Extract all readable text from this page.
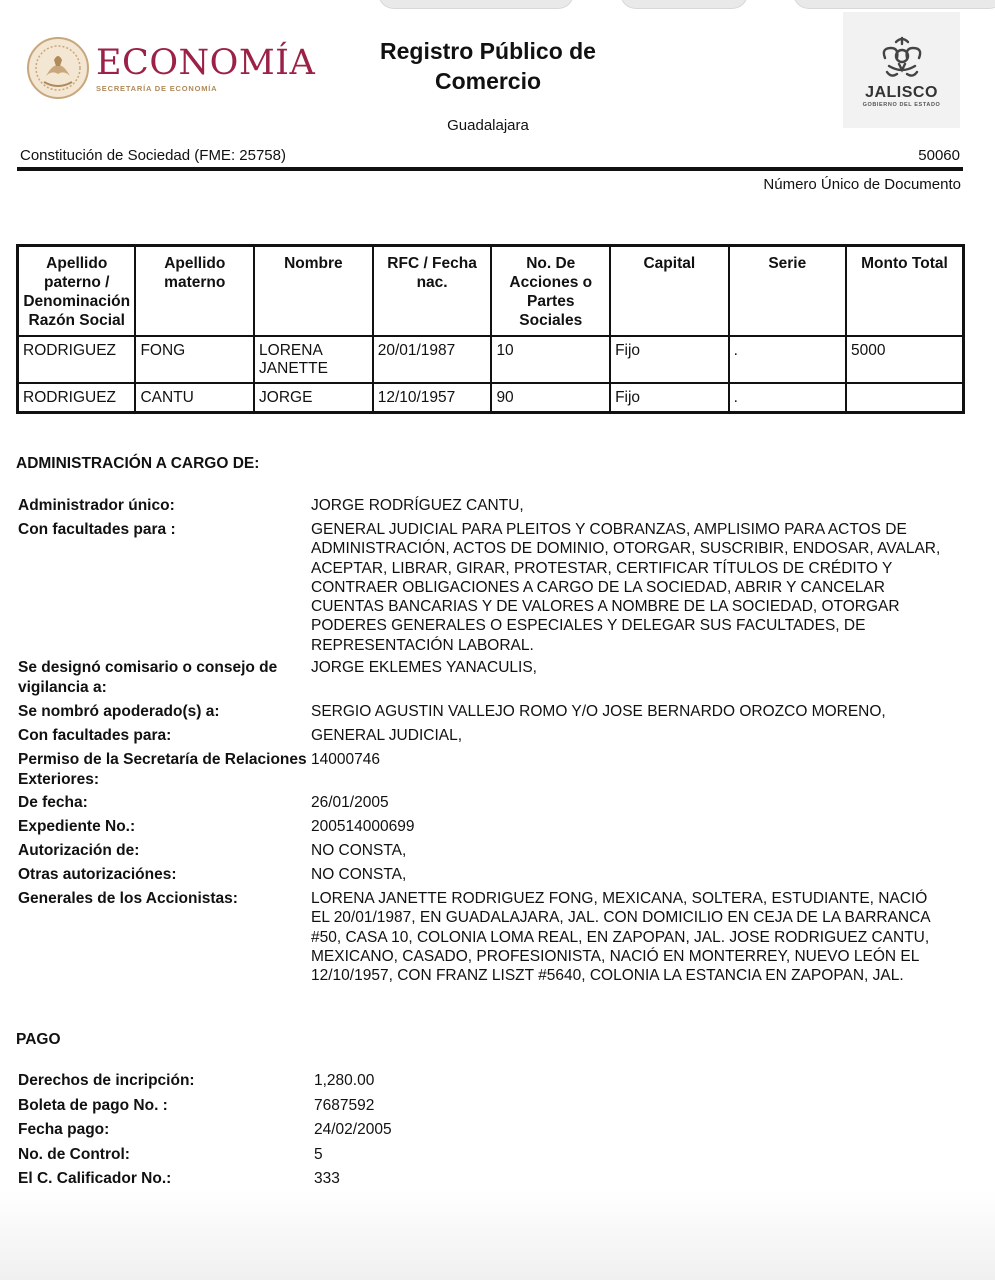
ECONOMÍA
SECRETARÍA DE ECONOMÍA
Registro Público de
Comercio
Guadalajara
JALISCO
GOBIERNO DEL ESTADO
Constitución de Sociedad (FME: 25758)	50060
Número Único de Documento
Apellido paterno / Denominación Razón Social	Apellido materno	Nombre	RFC / Fecha nac.	No. De Acciones o Partes Sociales	Capital	Serie	Monto Total
RODRIGUEZ	FONG	LORENA JANETTE	20/01/1987	10	Fijo	.	5000
RODRIGUEZ	CANTU	JORGE	12/10/1957	90	Fijo	.	
ADMINISTRACIÓN A CARGO DE:
Administrador único:	JORGE RODRÍGUEZ CANTU,
Con facultades para :	GENERAL JUDICIAL PARA PLEITOS Y COBRANZAS, AMPLISIMO PARA ACTOS DE ADMINISTRACIÓN, ACTOS DE DOMINIO, OTORGAR, SUSCRIBIR, ENDOSAR, AVALAR, ACEPTAR, LIBRAR, GIRAR, PROTESTAR, CERTIFICAR TÍTULOS DE CRÉDITO Y CONTRAER OBLIGACIONES A CARGO DE LA SOCIEDAD, ABRIR Y CANCELAR CUENTAS BANCARIAS Y DE VALORES A NOMBRE DE LA SOCIEDAD, OTORGAR PODERES GENERALES O ESPECIALES Y DELEGAR SUS FACULTADES, DE REPRESENTACIÓN LABORAL.
Se designó comisario o consejo de vigilancia a:
JORGE EKLEMES YANACULIS,
Se nombró apoderado(s) a:	SERGIO AGUSTIN VALLEJO ROMO Y/O JOSE BERNARDO OROZCO MORENO,
Con facultades para:	GENERAL JUDICIAL,
Permiso de la Secretaría de Relaciones Exteriores:
14000746
De fecha:	26/01/2005
Expediente No.:	200514000699
Autorización de:	NO CONSTA,
Otras autorizaciónes:	NO CONSTA,
Generales de los Accionistas:	LORENA JANETTE RODRIGUEZ FONG, MEXICANA, SOLTERA, ESTUDIANTE, NACIÓ EL 20/01/1987, EN GUADALAJARA, JAL. CON DOMICILIO EN CEJA DE LA BARRANCA #50, CASA 10, COLONIA LOMA REAL, EN ZAPOPAN, JAL. JOSE RODRIGUEZ CANTU, MEXICANO, CASADO, PROFESIONISTA, NACIÓ EN MONTERREY, NUEVO LEÓN EL 12/10/1957, CON FRANZ LISZT #5640, COLONIA LA ESTANCIA EN ZAPOPAN, JAL.
PAGO
Derechos de incripción:	1,280.00
Boleta de pago No. :	7687592
Fecha pago:	24/02/2005
No. de Control:	5
El C. Calificador No.:	333
